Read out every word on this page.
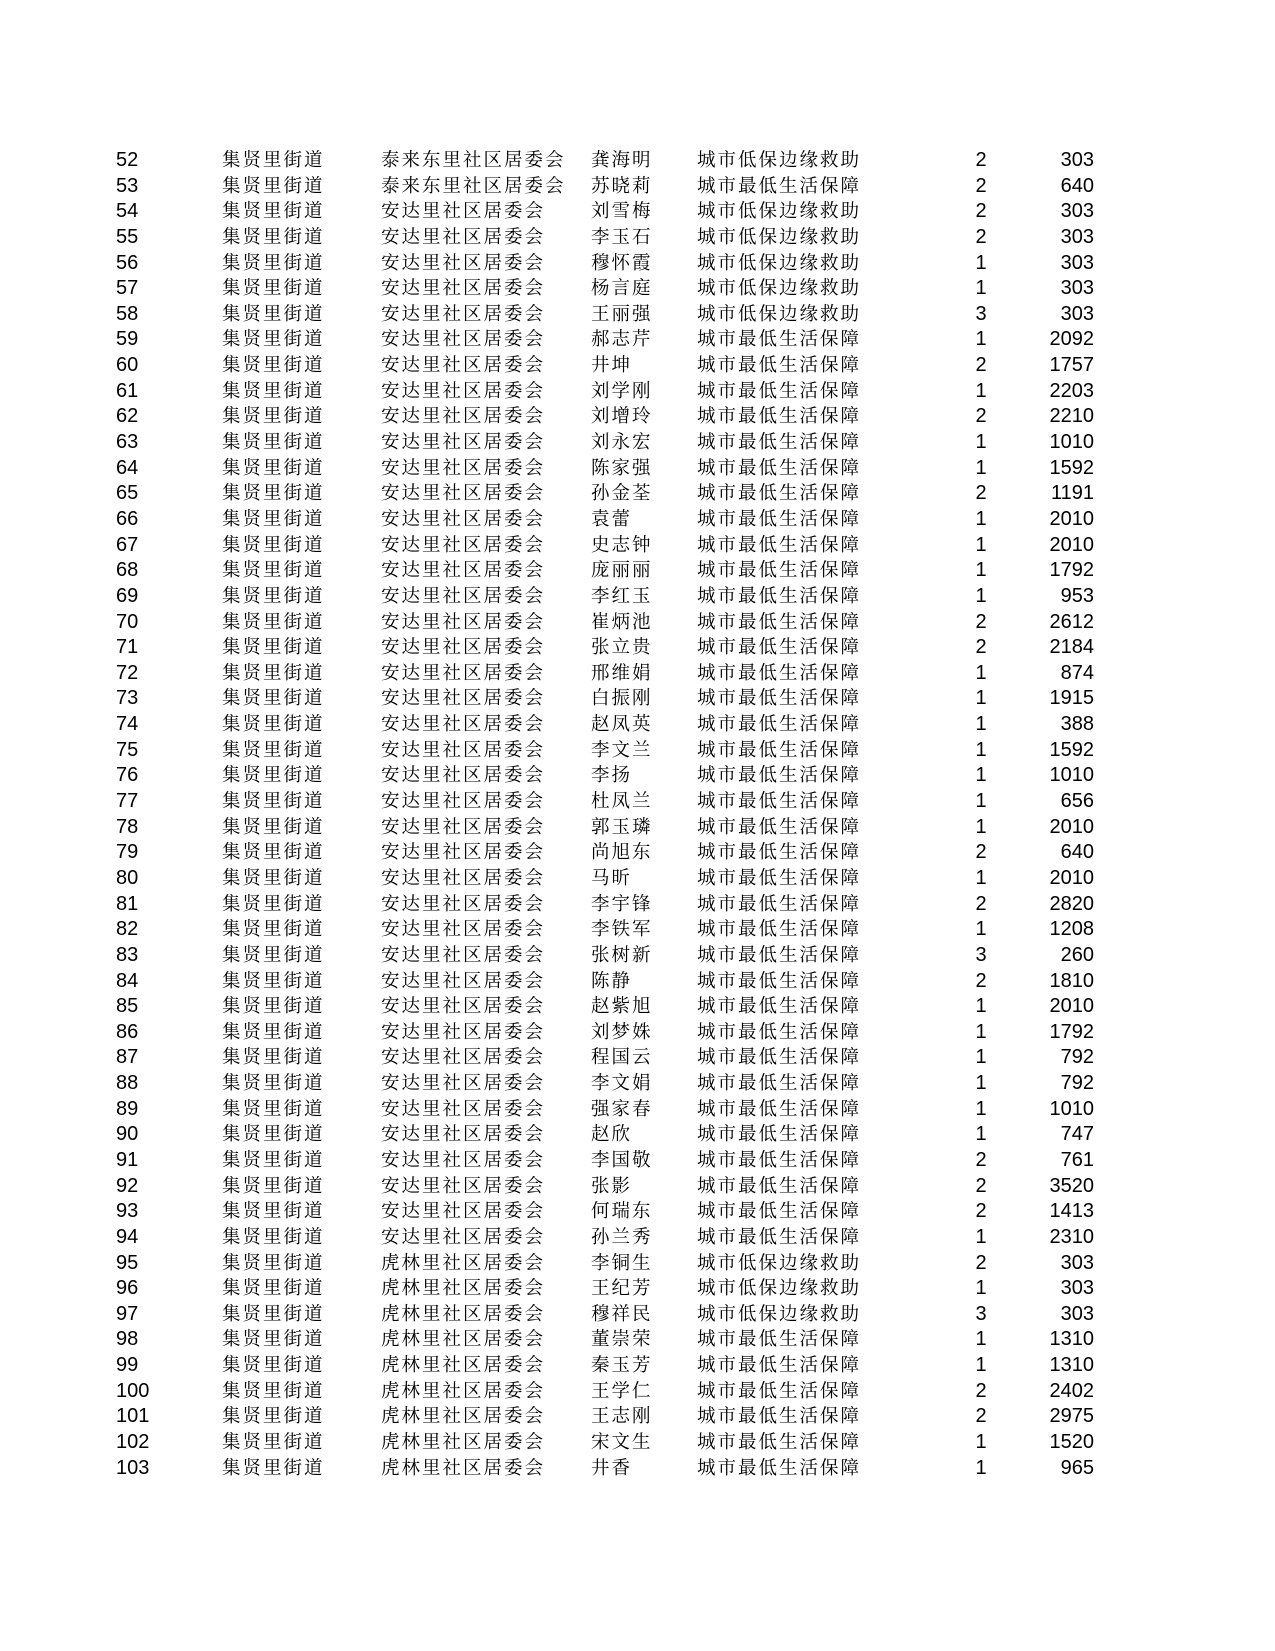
52	集贤里街道	泰来东里社区居委会 龚海明 城市低保边缘救助	2	303
53	集贤里街道	泰来东里社区居委会 苏晓莉 城市最低生活保障	2	640
54	集贤里街道	安达里社区居委会 刘雪梅 城市低保边缘救助	2	303
55	集贤里街道	安达里社区居委会 李玉石 城市低保边缘救助	2	303
56	集贤里街道	安达里社区居委会 穆怀霞 城市低保边缘救助	1	303
57	集贤里街道	安达里社区居委会 杨言庭 城市低保边缘救助	1	303
58	集贤里街道	安达里社区居委会 王丽强 城市低保边缘救助	3	303
59	集贤里街道	安达里社区居委会 郝志芹 城市最低生活保障	1	2092
60	集贤里街道	安达里社区居委会 井坤	城市最低生活保障	2	1757
61	集贤里街道	安达里社区居委会 刘学刚 城市最低生活保障	1	2203
62	集贤里街道	安达里社区居委会 刘增玲 城市最低生活保障	2	2210
63	集贤里街道	安达里社区居委会 刘永宏 城市最低生活保障	1	1010
64	集贤里街道	安达里社区居委会 陈家强 城市最低生活保障	1	1592
65	集贤里街道	安达里社区居委会 孙金荃 城市最低生活保障	2	1191
66	集贤里街道	安达里社区居委会 袁蕾	城市最低生活保障	1	2010
67	集贤里街道	安达里社区居委会 史志钟 城市最低生活保障	1	2010
68	集贤里街道	安达里社区居委会 庞丽丽 城市最低生活保障	1	1792
69	集贤里街道	安达里社区居委会 李红玉 城市最低生活保障	1	953
70	集贤里街道	安达里社区居委会 崔炳池 城市最低生活保障	2	2612
71	集贤里街道	安达里社区居委会 张立贵 城市最低生活保障	2	2184
72	集贤里街道	安达里社区居委会 邢维娟 城市最低生活保障	1	874
73	集贤里街道	安达里社区居委会 白振刚 城市最低生活保障	1	1915
74	集贤里街道	安达里社区居委会 赵凤英 城市最低生活保障	1	388
75	集贤里街道	安达里社区居委会 李文兰 城市最低生活保障	1	1592
76	集贤里街道	安达里社区居委会 李扬	城市最低生活保障	1	1010
77	集贤里街道	安达里社区居委会 杜凤兰 城市最低生活保障	1	656
78	集贤里街道	安达里社区居委会 郭玉璘 城市最低生活保障	1	2010
79	集贤里街道	安达里社区居委会 尚旭东 城市最低生活保障	2	640
80	集贤里街道	安达里社区居委会 马昕	城市最低生活保障	1	2010
81	集贤里街道	安达里社区居委会 李宇锋 城市最低生活保障	2	2820
82	集贤里街道	安达里社区居委会 李铁军 城市最低生活保障	1	1208
83	集贤里街道	安达里社区居委会 张树新 城市最低生活保障	3	260
84	集贤里街道	安达里社区居委会 陈静	城市最低生活保障	2	1810
85	集贤里街道	安达里社区居委会 赵紫旭 城市最低生活保障	1	2010
86	集贤里街道	安达里社区居委会 刘梦姝 城市最低生活保障	1	1792
87	集贤里街道	安达里社区居委会 程国云 城市最低生活保障	1	792
88	集贤里街道	安达里社区居委会 李文娟 城市最低生活保障	1	792
89	集贤里街道	安达里社区居委会 强家春 城市最低生活保障	1	1010
90	集贤里街道	安达里社区居委会 赵欣	城市最低生活保障	1	747
91	集贤里街道	安达里社区居委会 李国敬 城市最低生活保障	2	761
92	集贤里街道	安达里社区居委会 张影	城市最低生活保障	2	3520
93	集贤里街道	安达里社区居委会 何瑞东 城市最低生活保障	2	1413
94	集贤里街道	安达里社区居委会 孙兰秀 城市最低生活保障	1	2310
95	集贤里街道	虎林里社区居委会 李铜生 城市低保边缘救助	2	303
96	集贤里街道	虎林里社区居委会 王纪芳 城市低保边缘救助	1	303
97	集贤里街道	虎林里社区居委会 穆祥民 城市低保边缘救助	3	303
98	集贤里街道	虎林里社区居委会 董崇荣 城市最低生活保障	1	1310
99	集贤里街道	虎林里社区居委会 秦玉芳 城市最低生活保障	1	1310
100	集贤里街道	虎林里社区居委会 王学仁 城市最低生活保障	2	2402
101	集贤里街道	虎林里社区居委会 王志刚 城市最低生活保障	2	2975
102	集贤里街道	虎林里社区居委会 宋文生 城市最低生活保障	1	1520
103	集贤里街道	虎林里社区居委会 井香	城市最低生活保障	1	965
